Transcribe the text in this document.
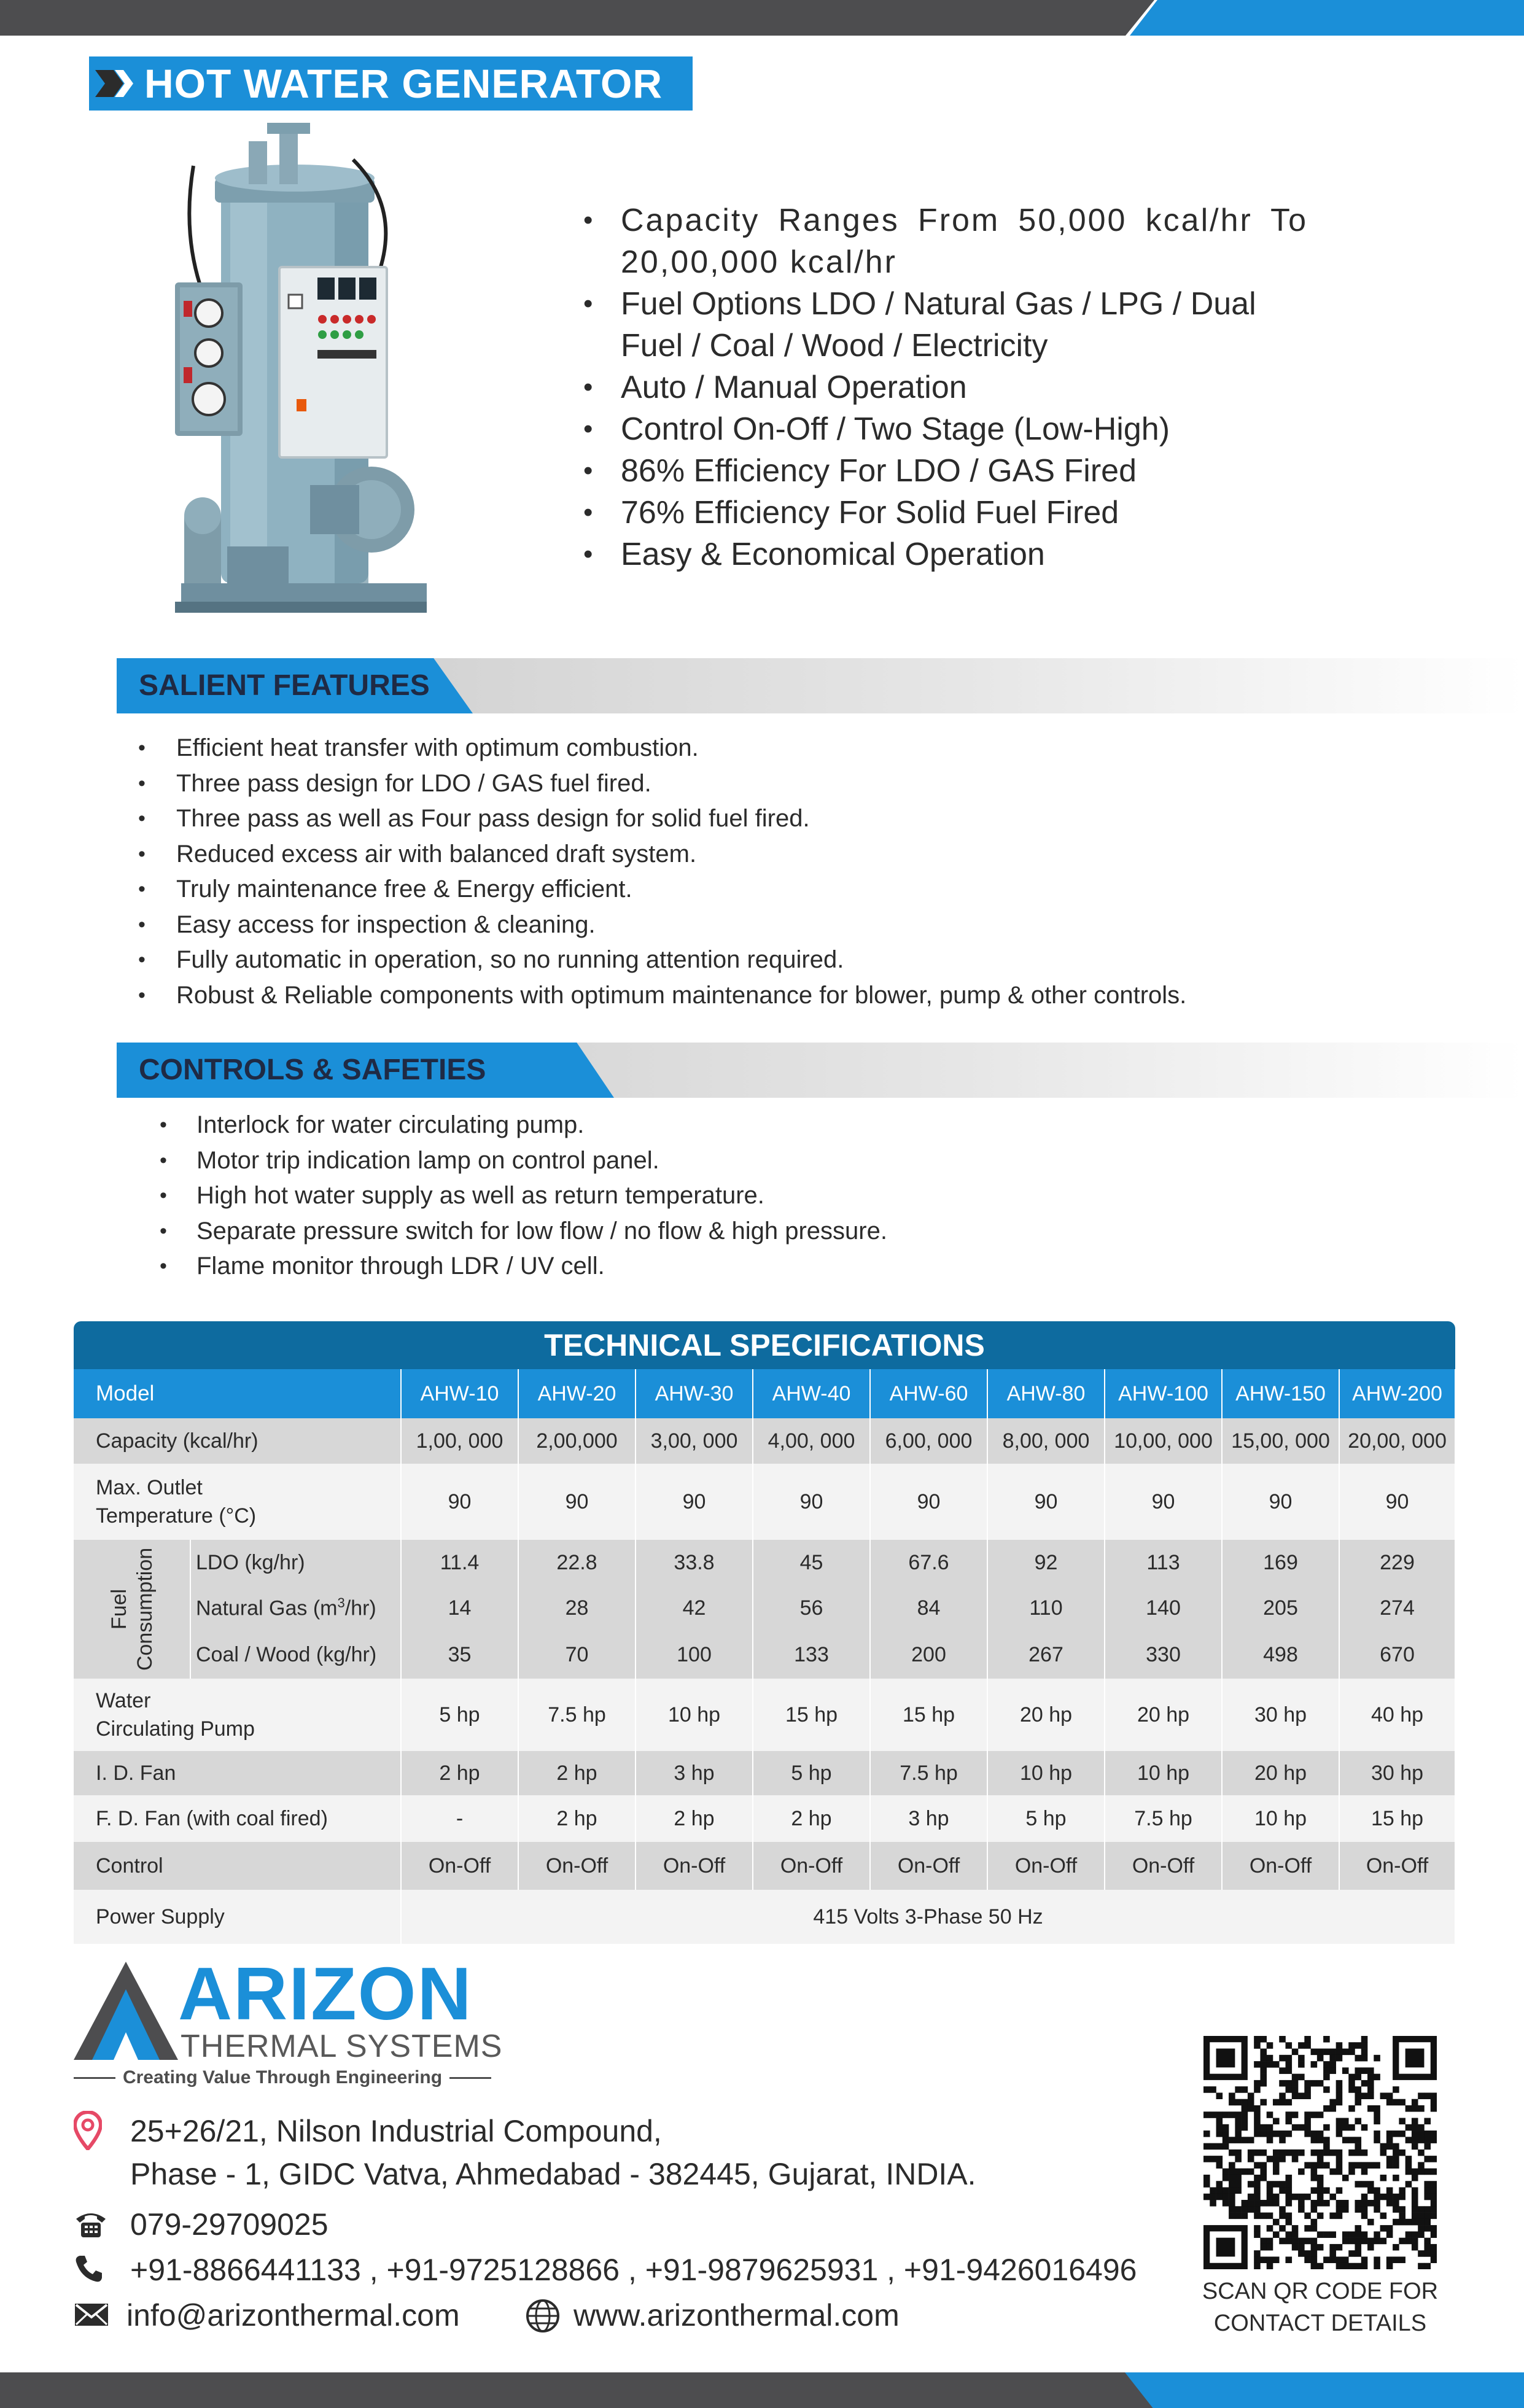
HOT WATER GENERATOR
• Capacity Ranges From 50,000 kcal/hr To 20,00,000 kcal/hr
• Fuel Options LDO / Natural Gas / LPG / Dual Fuel / Coal / Wood / Electricity
• Auto / Manual Operation
• Control On-Off / Two Stage (Low-High)
• 86% Efficiency For LDO / GAS Fired
• 76% Efficiency For Solid Fuel Fired
• Easy & Economical Operation
SALIENT FEATURES
• Efficient heat transfer with optimum combustion.
• Three pass design for LDO / GAS fuel fired.
• Three pass as well as Four pass design for solid fuel fired.
• Reduced excess air with balanced draft system.
• Truly maintenance free & Energy efficient.
• Easy access for inspection & cleaning.
• Fully automatic in operation, so no running attention required.
• Robust & Reliable components with optimum maintenance for blower, pump & other controls.
CONTROLS & SAFETIES
• Interlock for water circulating pump.
• Motor trip indication lamp on control panel.
• High hot water supply as well as return temperature.
• Separate pressure switch for low flow / no flow & high pressure.
• Flame monitor through LDR / UV cell.
TECHNICAL SPECIFICATIONS
Model		AHW-10	AHW-20	AHW-30	AHW-40	AHW-60	AHW-80	AHW-100	AHW-150	AHW-200
Capacity (kcal/hr)		1,00, 000	2,00,000	3,00, 000	4,00, 000	6,00, 000	8,00, 000	10,00, 000	15,00, 000	20,00, 000

Max. Outlet
Temperature (°C)		90	90	90	90	90	90	90	90	90

Fuel Consumption	LDO (kg/hr)	11.4	22.8	33.8	45	67.6	92	113	169	229
	Natural Gas $(m^3/hr)$	14	28	42	56	84	110	140	205	274
	Coal / Wood (kg/hr)	35	70	100	133	200	267	330	498	670

Water
Circulating Pump		5 hp	7.5 hp	10 hp	15 hp	15 hp	20 hp	20 hp	30 hp	40 hp
I. D. Fan		2 hp	2 hp	3 hp	5 hp	7.5 hp	10 hp	10 hp	20 hp	30 hp
F. D. Fan (with coal fired)		-	2 hp	2 hp	2 hp	3 hp	5 hp	7.5 hp	10 hp	15 hp
Control		On-Off	On-Off	On-Off	On-Off	On-Off	On-Off	On-Off	On-Off	On-Off
Power Supply		415 Volts 3-Phase 50 Hz								
ARIZON
THERMAL SYSTEMS
Creating Value Through Engineering
25+26/21, Nilson Industrial Compound,
Phase - 1, GIDC Vatva, Ahmedabad - 382445, Gujarat, INDIA.
079-29709025
+91-8866441133 , +91-9725128866 , +91-9879625931 , +91-9426016496
info@arizonthermal.com	www.arizonthermal.com
SCAN QR CODE FOR
CONTACT DETAILS
